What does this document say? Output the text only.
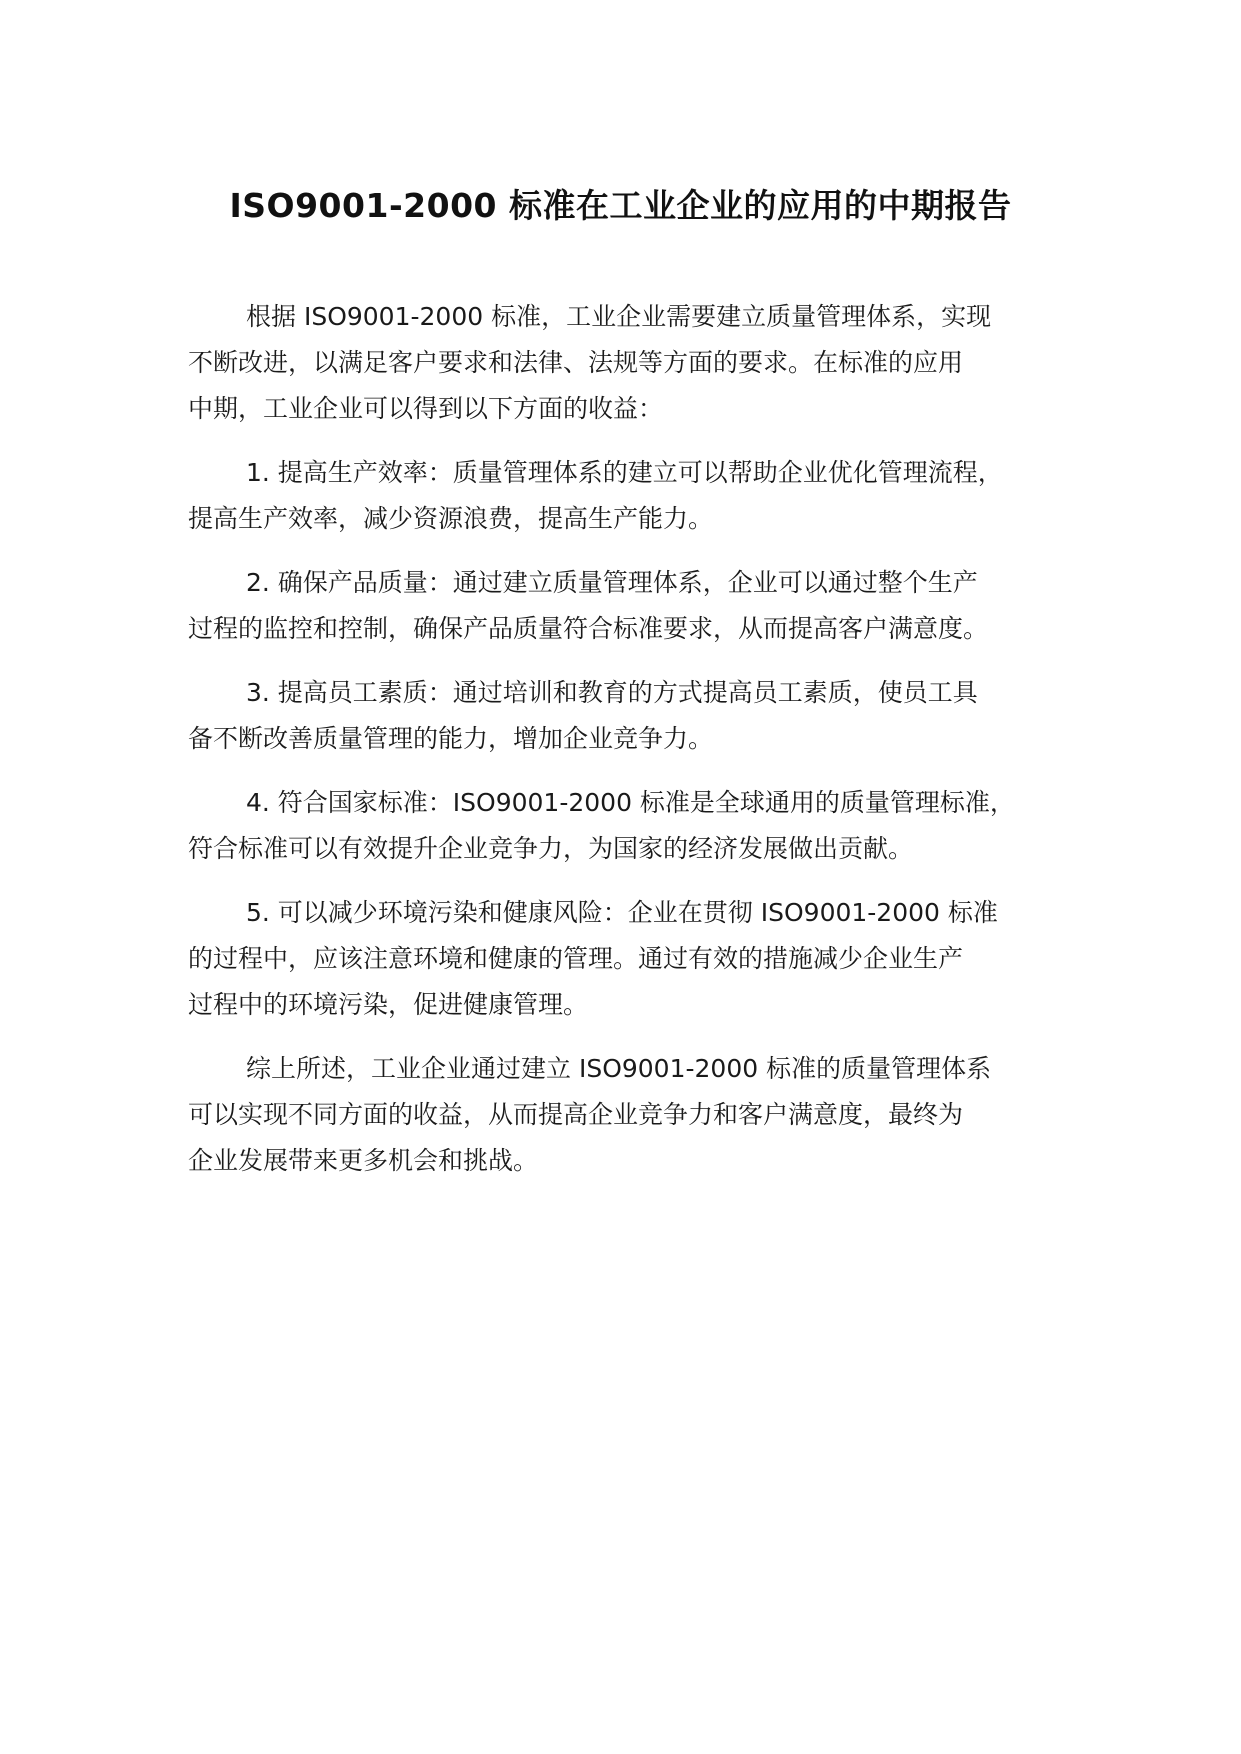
ISO9001-2000 标准在工业企业的应用的中期报告

根据 ISO9001-2000 标准，工业企业需要建立质量管理体系，实现
不断改进，以满足客户要求和法律、法规等方面的要求。在标准的应用
中期，工业企业可以得到以下方面的收益：

1. 提高生产效率：质量管理体系的建立可以帮助企业优化管理流程，
提高生产效率，减少资源浪费，提高生产能力。

2. 确保产品质量：通过建立质量管理体系，企业可以通过整个生产
过程的监控和控制，确保产品质量符合标准要求，从而提高客户满意度。

3. 提高员工素质：通过培训和教育的方式提高员工素质，使员工具
备不断改善质量管理的能力，增加企业竞争力。

4. 符合国家标准：ISO9001-2000 标准是全球通用的质量管理标准，
符合标准可以有效提升企业竞争力，为国家的经济发展做出贡献。

5. 可以减少环境污染和健康风险：企业在贯彻 ISO9001-2000 标准
的过程中，应该注意环境和健康的管理。通过有效的措施减少企业生产
过程中的环境污染，促进健康管理。

综上所述，工业企业通过建立 ISO9001-2000 标准的质量管理体系
可以实现不同方面的收益，从而提高企业竞争力和客户满意度，最终为
企业发展带来更多机会和挑战。
